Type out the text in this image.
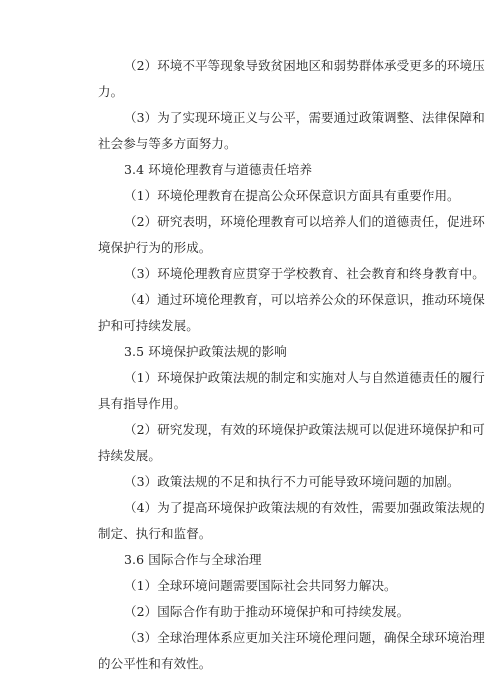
（2）环境不平等现象导致贫困地区和弱势群体承受更多的环境压
力。
（3）为了实现环境正义与公平，需要通过政策调整、法律保障和
社会参与等多方面努力。
3.4 环境伦理教育与道德责任培养
（1）环境伦理教育在提高公众环保意识方面具有重要作用。
（2）研究表明，环境伦理教育可以培养人们的道德责任，促进环
境保护行为的形成。
（3）环境伦理教育应贯穿于学校教育、社会教育和终身教育中。
（4）通过环境伦理教育，可以培养公众的环保意识，推动环境保
护和可持续发展。
3.5 环境保护政策法规的影响
（1）环境保护政策法规的制定和实施对人与自然道德责任的履行
具有指导作用。
（2）研究发现，有效的环境保护政策法规可以促进环境保护和可
持续发展。
（3）政策法规的不足和执行不力可能导致环境问题的加剧。
（4）为了提高环境保护政策法规的有效性，需要加强政策法规的
制定、执行和监督。
3.6 国际合作与全球治理
（1）全球环境问题需要国际社会共同努力解决。
（2）国际合作有助于推动环境保护和可持续发展。
（3）全球治理体系应更加关注环境伦理问题，确保全球环境治理
的公平性和有效性。
